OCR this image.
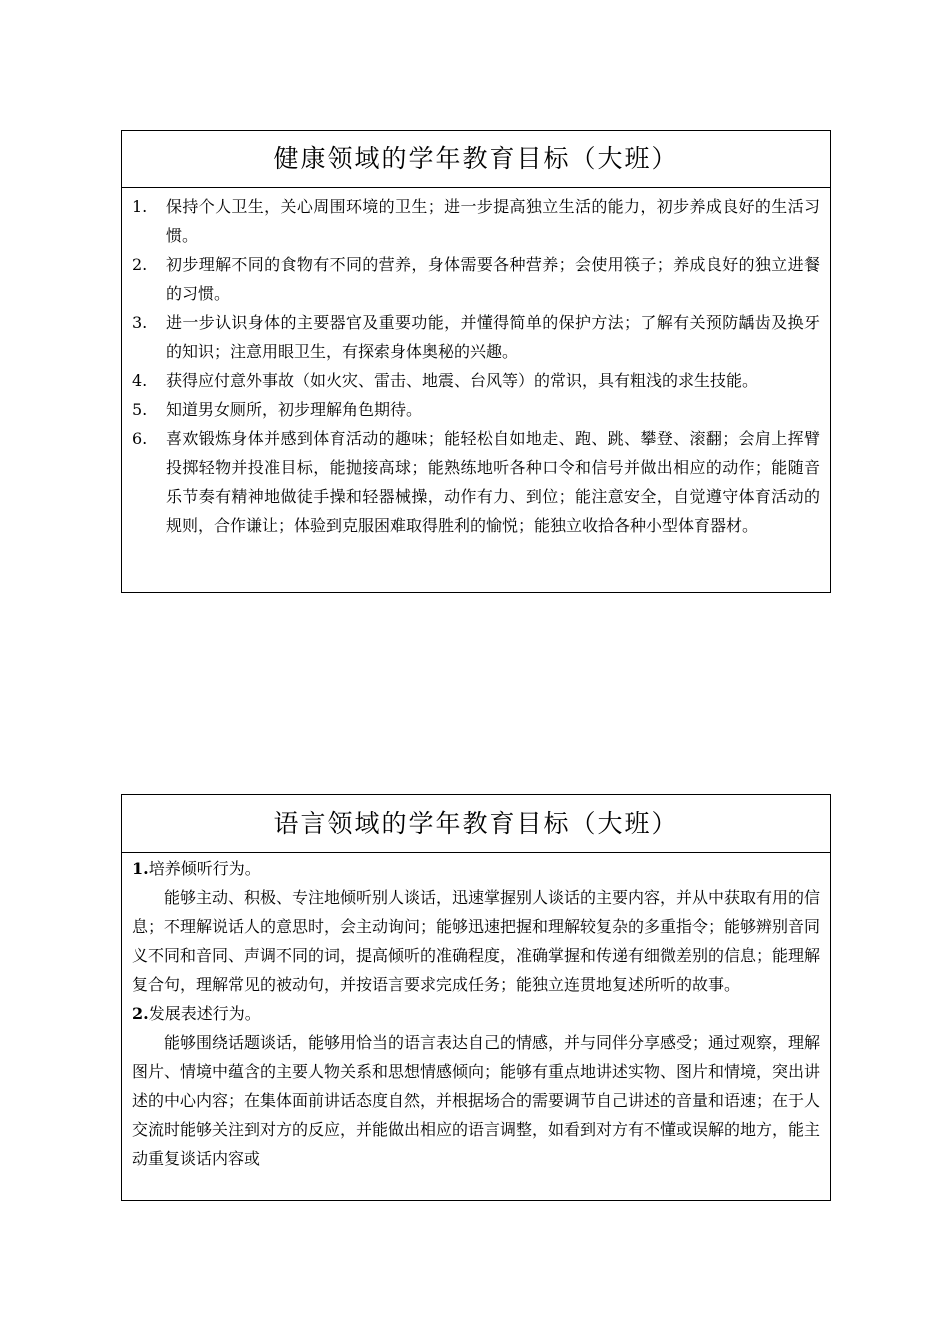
健康领域的学年教育目标（大班）
1.	保持个人卫生，关心周围环境的卫生；进一步提高独立生活的能力，初步养成良好的生活习惯。
2.	初步理解不同的食物有不同的营养，身体需要各种营养；会使用筷子；养成良好的独立进餐的习惯。
3.	进一步认识身体的主要器官及重要功能，并懂得简单的保护方法；了解有关预防龋齿及换牙的知识；注意用眼卫生，有探索身体奥秘的兴趣。
4.	获得应付意外事故（如火灾、雷击、地震、台风等）的常识，具有粗浅的求生技能。
5.	知道男女厕所，初步理解角色期待。
6.	喜欢锻炼身体并感到体育活动的趣味；能轻松自如地走、跑、跳、攀登、滚翻；会肩上挥臂投掷轻物并投准目标，能抛接高球；能熟练地听各种口令和信号并做出相应的动作；能随音乐节奏有精神地做徒手操和轻器械操，动作有力、到位；能注意安全，自觉遵守体育活动的规则，合作谦让；体验到克服困难取得胜利的愉悦；能独立收拾各种小型体育器材。
语言领域的学年教育目标（大班）

1.培养倾听行为。

能够主动、积极、专注地倾听别人谈话，迅速掌握别人谈话的主要内容，并从中获取有用的信息；不理解说话人的意思时，会主动询问；能够迅速把握和理解较复杂的多重指令；能够辨别音同义不同和音同、声调不同的词，提高倾听的准确程度，准确掌握和传递有细微差别的信息；能理解复合句，理解常见的被动句，并按语言要求完成任务；能独立连贯地复述所听的故事。

2.发展表述行为。

能够围绕话题谈话，能够用恰当的语言表达自己的情感，并与同伴分享感受；通过观察，理解图片、情境中蕴含的主要人物关系和思想情感倾向；能够有重点地讲述实物、图片和情境，突出讲述的中心内容；在集体面前讲话态度自然，并根据场合的需要调节自己讲述的音量和语速；在于人交流时能够关注到对方的反应，并能做出相应的语言调整，如看到对方有不懂或误解的地方，能主动重复谈话内容或
